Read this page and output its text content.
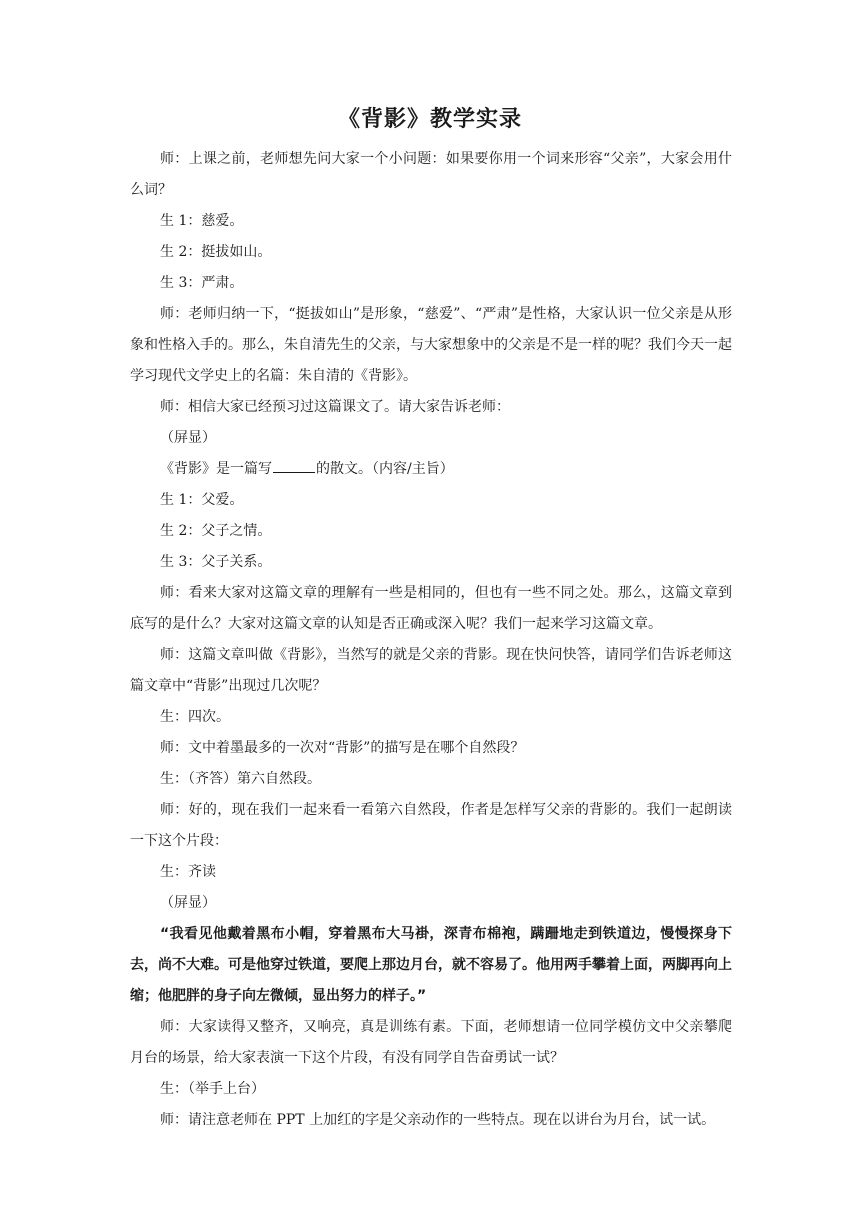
《背影》教学实录

师：上课之前，老师想先问大家一个小问题：如果要你用一个词来形容“父亲”，大家会用什么词？

生 1：慈爱。

生 2：挺拔如山。

生 3：严肃。

师：老师归纳一下，“挺拔如山”是形象，“慈爱”、“严肃”是性格，大家认识一位父亲是从形象和性格入手的。那么，朱自清先生的父亲，与大家想象中的父亲是不是一样的呢？我们今天一起学习现代文学史上的名篇：朱自清的《背影》。

师：相信大家已经预习过这篇课文了。请大家告诉老师：

（屏显）

《背影》是一篇写	的散文。（内容/主旨）

生 1：父爱。

生 2：父子之情。

生 3：父子关系。

师：看来大家对这篇文章的理解有一些是相同的，但也有一些不同之处。那么，这篇文章到底写的是什么？大家对这篇文章的认知是否正确或深入呢？我们一起来学习这篇文章。

师：这篇文章叫做《背影》，当然写的就是父亲的背影。现在快问快答，请同学们告诉老师这篇文章中“背影”出现过几次呢？

生：四次。

师：文中着墨最多的一次对“背影”的描写是在哪个自然段？

生：（齐答）第六自然段。

师：好的，现在我们一起来看一看第六自然段，作者是怎样写父亲的背影的。我们一起朗读一下这个片段：

生：齐读

（屏显）

“我看见他戴着黑布小帽，穿着黑布大马褂，深青布棉袍，蹒跚地走到铁道边，慢慢探身下去，尚不大难。可是他穿过铁道，要爬上那边月台，就不容易了。他用两手攀着上面，两脚再向上缩；他肥胖的身子向左微倾，显出努力的样子。”

师：大家读得又整齐，又响亮，真是训练有素。下面，老师想请一位同学模仿文中父亲攀爬月台的场景，给大家表演一下这个片段，有没有同学自告奋勇试一试？

生：（举手上台）

师：请注意老师在 PPT 上加红的字是父亲动作的一些特点。现在以讲台为月台，试一试。
